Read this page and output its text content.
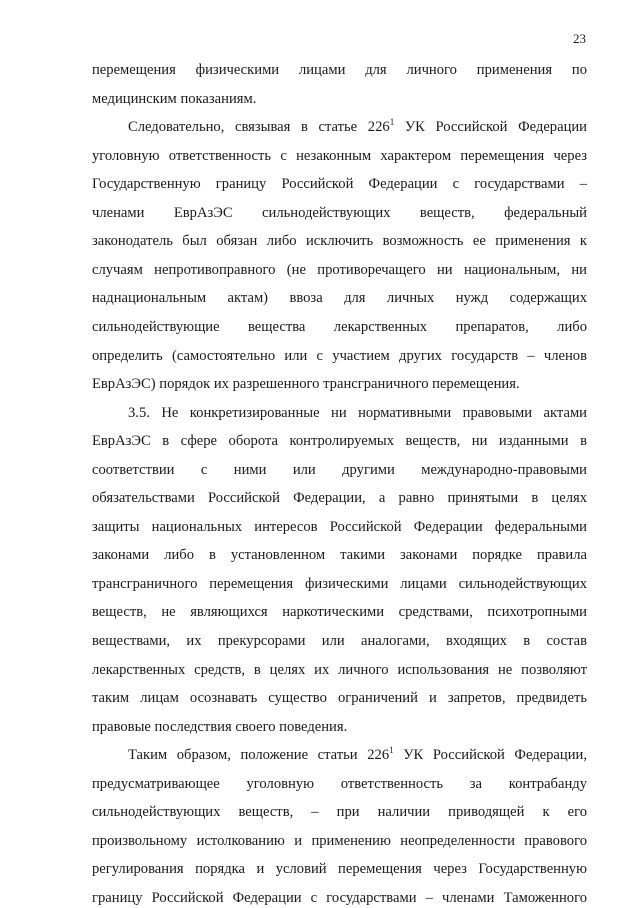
23
перемещения физическими лицами для личного применения по
медицинским показаниям.
Следовательно, связывая в статье $226^1$ УК Российской Федерации
уголовную ответственность с незаконным характером перемещения через
Государственную границу Российской Федерации с государствами –
членами ЕврАзЭС сильнодействующих веществ, федеральный
законодатель был обязан либо исключить возможность ее применения к
случаям непротивоправного (не противоречащего ни национальным, ни
наднациональным актам) ввоза для личных нужд содержащих
сильнодействующие вещества лекарственных препаратов, либо
определить (самостоятельно или с участием других государств – членов
ЕврАзЭС) порядок их разрешенного трансграничного перемещения.
3.5. Не конкретизированные ни нормативными правовыми актами
ЕврАзЭС в сфере оборота контролируемых веществ, ни изданными в
соответствии с ними или другими международно-правовыми
обязательствами Российской Федерации, а равно принятыми в целях
защиты национальных интересов Российской Федерации федеральными
законами либо в установленном такими законами порядке правила
трансграничного перемещения физическими лицами сильнодействующих
веществ, не являющихся наркотическими средствами, психотропными
веществами, их прекурсорами или аналогами, входящих в состав
лекарственных средств, в целях их личного использования не позволяют
таким лицам осознавать существо ограничений и запретов, предвидеть
правовые последствия своего поведения.
Таким образом, положение статьи $226^1$ УК Российской Федерации,
предусматривающее уголовную ответственность за контрабанду
сильнодействующих веществ, – при наличии приводящей к его
произвольному истолкованию и применению неопределенности правового
регулирования порядка и условий перемещения через Государственную
границу Российской Федерации с государствами – членами Таможенного
